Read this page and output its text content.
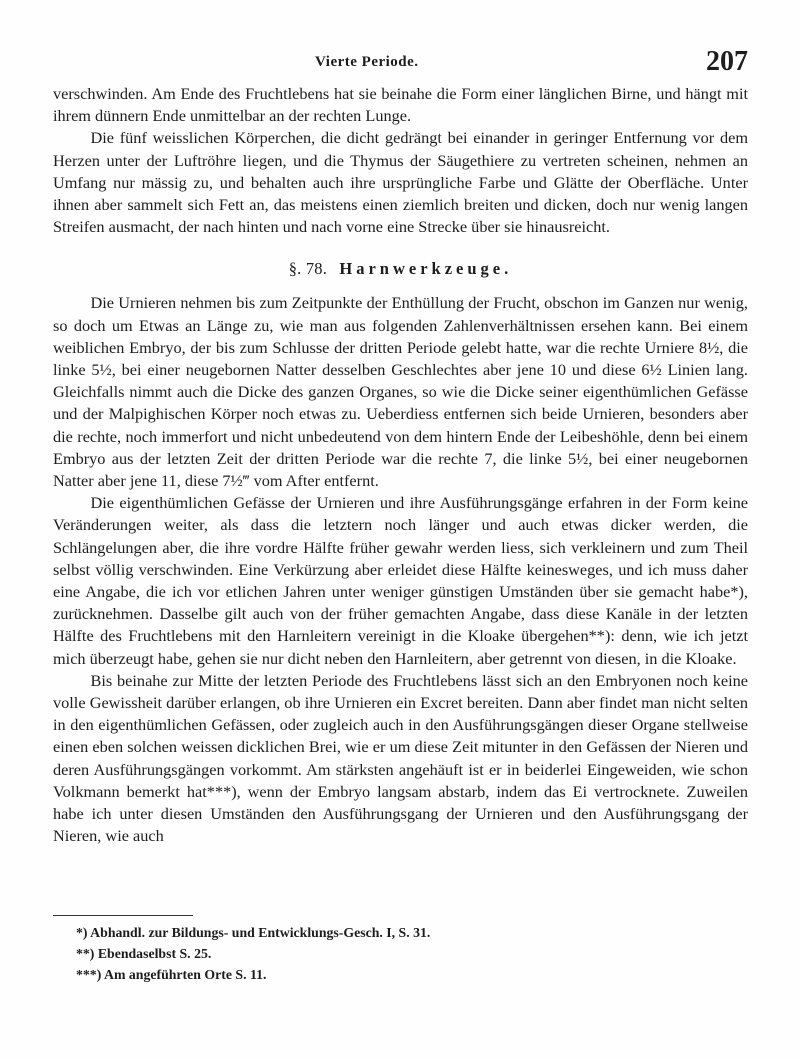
Vierte Periode.	207

verschwinden. Am Ende des Fruchtlebens hat sie beinahe die Form einer länglichen Birne, und hängt mit ihrem dünnern Ende unmittelbar an der rechten Lunge.

Die fünf weisslichen Körperchen, die dicht gedrängt bei einander in geringer Entfernung vor dem Herzen unter der Luftröhre liegen, und die Thymus der Säugethiere zu vertreten scheinen, nehmen an Umfang nur mässig zu, und behalten auch ihre ursprüngliche Farbe und Glätte der Oberfläche. Unter ihnen aber sammelt sich Fett an, das meistens einen ziemlich breiten und dicken, doch nur wenig langen Streifen ausmacht, der nach hinten und nach vorne eine Strecke über sie hinausreicht.

§. 78. Harnwerkzeuge.

Die Urnieren nehmen bis zum Zeitpunkte der Enthüllung der Frucht, obschon im Ganzen nur wenig, so doch um Etwas an Länge zu, wie man aus folgenden Zahlenverhältnissen ersehen kann. Bei einem weiblichen Embryo, der bis zum Schlusse der dritten Periode gelebt hatte, war die rechte Urniere 8½, die linke 5½, bei einer neugebornen Natter desselben Geschlechtes aber jene 10 und diese 6½ Linien lang. Gleichfalls nimmt auch die Dicke des ganzen Organes, so wie die Dicke seiner eigenthümlichen Gefässe und der Malpighischen Körper noch etwas zu. Ueberdiess entfernen sich beide Urnieren, besonders aber die rechte, noch immerfort und nicht unbedeutend von dem hintern Ende der Leibeshöhle, denn bei einem Embryo aus der letzten Zeit der dritten Periode war die rechte 7, die linke 5½, bei einer neugebornen Natter aber jene 11, diese 7½‴ vom After entfernt.

Die eigenthümlichen Gefässe der Urnieren und ihre Ausführungsgänge erfahren in der Form keine Veränderungen weiter, als dass die letztern noch länger und auch etwas dicker werden, die Schlängelungen aber, die ihre vordre Hälfte früher gewahr werden liess, sich verkleinern und zum Theil selbst völlig verschwinden. Eine Verkürzung aber erleidet diese Hälfte keinesweges, und ich muss daher eine Angabe, die ich vor etlichen Jahren unter weniger günstigen Umständen über sie gemacht habe*), zurücknehmen. Dasselbe gilt auch von der früher gemachten Angabe, dass diese Kanäle in der letzten Hälfte des Fruchtlebens mit den Harnleitern vereinigt in die Kloake übergehen**): denn, wie ich jetzt mich überzeugt habe, gehen sie nur dicht neben den Harnleitern, aber getrennt von diesen, in die Kloake.

Bis beinahe zur Mitte der letzten Periode des Fruchtlebens lässt sich an den Embryonen noch keine volle Gewissheit darüber erlangen, ob ihre Urnieren ein Excret bereiten. Dann aber findet man nicht selten in den eigenthümlichen Gefässen, oder zugleich auch in den Ausführungsgängen dieser Organe stellweise einen eben solchen weissen dicklichen Brei, wie er um diese Zeit mitunter in den Gefässen der Nieren und deren Ausführungsgängen vorkommt. Am stärksten angehäuft ist er in beiderlei Eingeweiden, wie schon Volkmann bemerkt hat***), wenn der Embryo langsam abstarb, indem das Ei vertrocknete. Zuweilen habe ich unter diesen Umständen den Ausführungsgang der Urnieren und den Ausführungsgang der Nieren, wie auch

*) Abhandl. zur Bildungs- und Entwicklungs-Gesch. I, S. 31.

**) Ebendaselbst S. 25.

***) Am angeführten Orte S. 11.
